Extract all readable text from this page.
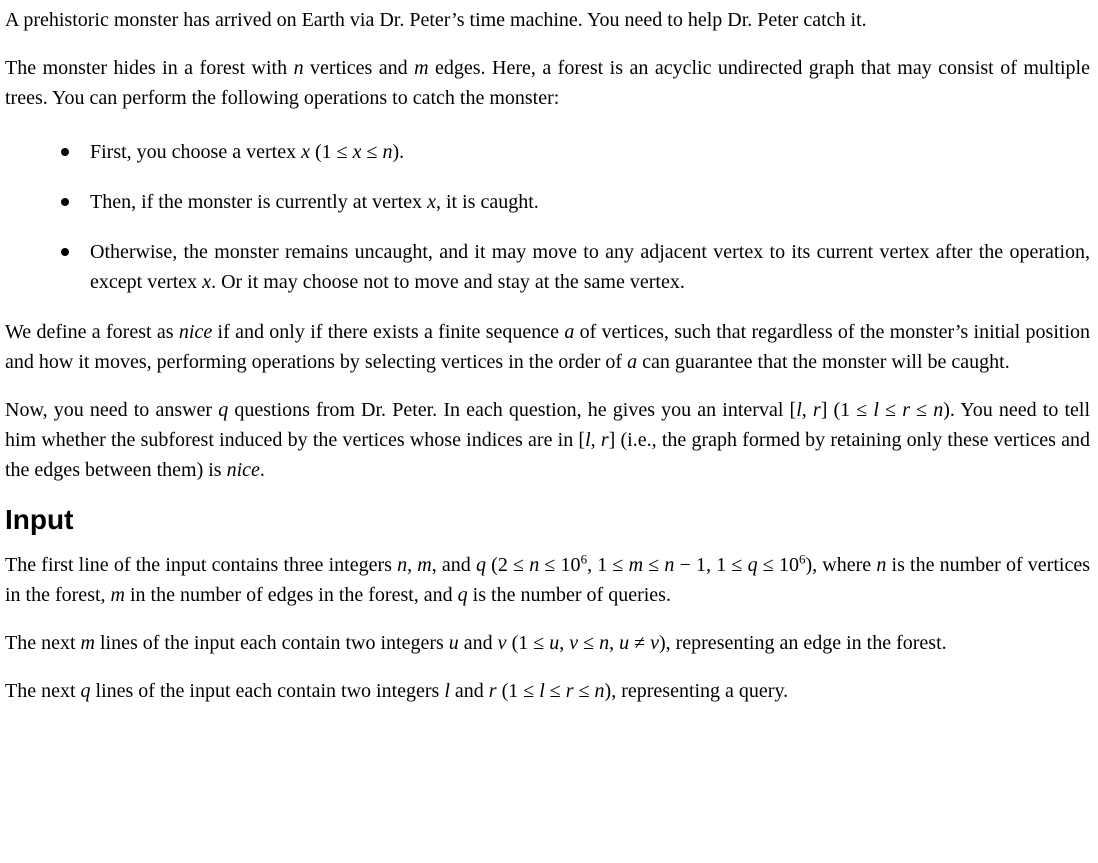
A prehistoric monster has arrived on Earth via Dr. Peter’s time machine. You need to help Dr. Peter catch it.

The monster hides in a forest with n vertices and m edges. Here, a forest is an acyclic undirected graph that may consist of multiple trees. You can perform the following operations to catch the monster:

First, you choose a vertex x (1 ≤ x ≤ n).
Then, if the monster is currently at vertex x, it is caught.
Otherwise, the monster remains uncaught, and it may move to any adjacent vertex to its current vertex after the operation, except vertex x. Or it may choose not to move and stay at the same vertex.

We define a forest as nice if and only if there exists a finite sequence a of vertices, such that regardless of the monster’s initial position and how it moves, performing operations by selecting vertices in the order of a can guarantee that the monster will be caught.

Now, you need to answer q questions from Dr. Peter. In each question, he gives you an interval [l, r] (1 ≤ l ≤ r ≤ n). You need to tell him whether the subforest induced by the vertices whose indices are in [l, r] (i.e., the graph formed by retaining only these vertices and the edges between them) is nice.

Input

The first line of the input contains three integers n, m, and q ($2 \le n \le 10^6$, 1 ≤ m ≤ n − 1, $1 \le q \le 10^6$), where n is the number of vertices in the forest, m in the number of edges in the forest, and q is the number of queries.

The next m lines of the input each contain two integers u and v (1 ≤ u, v ≤ n, u ≠ v), representing an edge in the forest.

The next q lines of the input each contain two integers l and r (1 ≤ l ≤ r ≤ n), representing a query.
